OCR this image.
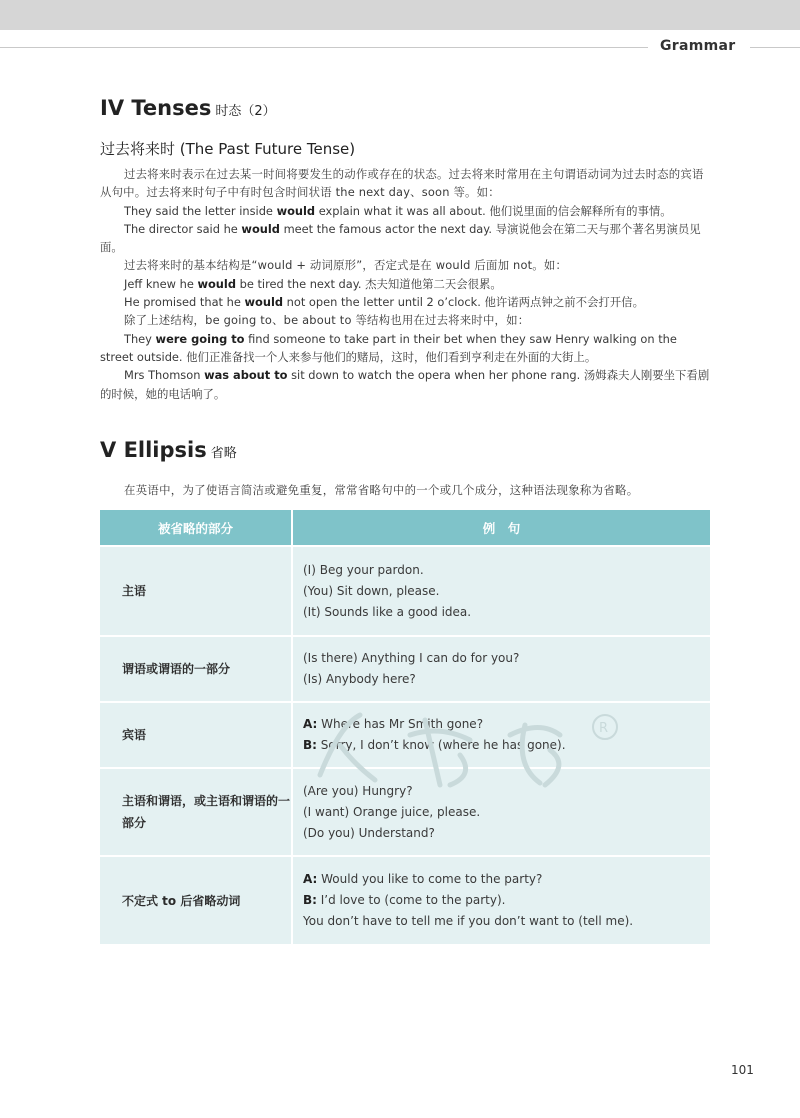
Grammar
IV Tenses 时态（2）
过去将来时 (The Past Future Tense)

过去将来时表示在过去某一时间将要发生的动作或存在的状态。过去将来时常用在主句谓语动词为过去时态的宾语从句中。过去将来时句子中有时包含时间状语 the next day、soon 等。如：

They said the letter inside would explain what it was all about. 他们说里面的信会解释所有的事情。

The director said he would meet the famous actor the next day. 导演说他会在第二天与那个著名男演员见面。

过去将来时的基本结构是“would + 动词原形”，否定式是在 would 后面加 not。如：

Jeff knew he would be tired the next day. 杰夫知道他第二天会很累。

He promised that he would not open the letter until 2 o’clock. 他许诺两点钟之前不会打开信。

除了上述结构，be going to、be about to 等结构也用在过去将来时中，如：

They were going to find someone to take part in their bet when they saw Henry walking on the street outside. 他们正准备找一个人来参与他们的赌局，这时，他们看到亨利走在外面的大街上。

Mrs Thomson was about to sit down to watch the opera when her phone rang. 汤姆森夫人刚要坐下看剧的时候，她的电话响了。

V Ellipsis 省略
在英语中，为了使语言简洁或避免重复，常常省略句中的一个或几个成分，这种语法现象称为省略。
被省略的部分	例　句
主语	(I) Beg your pardon.
(You) Sit down, please.
(It) Sounds like a good idea.

谓语或谓语的一部分	(Is there) Anything I can do for you?
(Is) Anybody here?

宾语	A: Where has Mr Smith gone?
B: Sorry, I don’t know (where he has gone).

主语和谓语，或主语和谓语的一部分	(Are you) Hungry?
(I want) Orange juice, please.
(Do you) Understand?

不定式 to 后省略动词	A: Would you like to come to the party?
B: I’d love to (come to the party).
You don’t have to tell me if you don’t want to (tell me).
R
101
